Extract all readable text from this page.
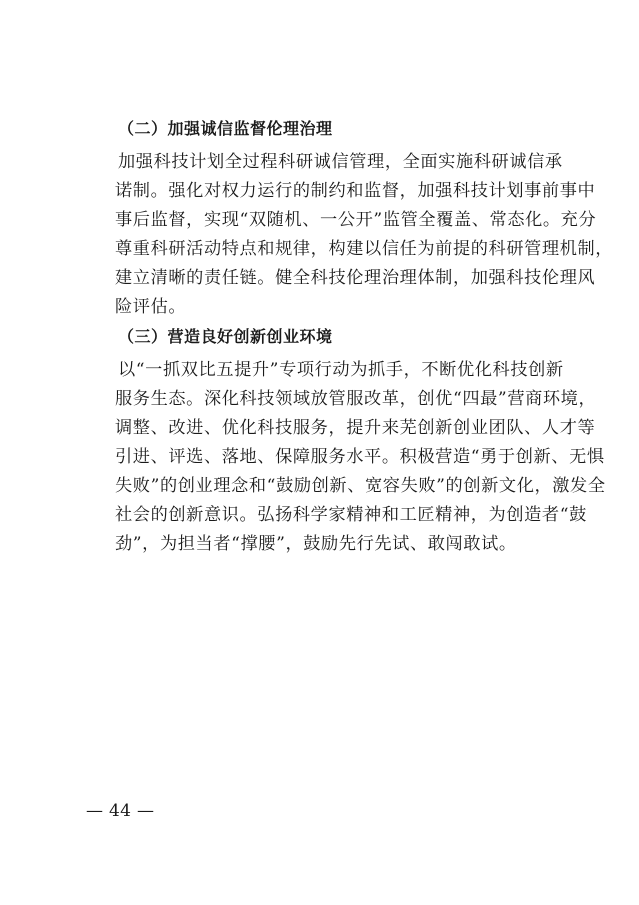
（二）加强诚信监督伦理治理
加强科技计划全过程科研诚信管理，全面实施科研诚信承
诺制。强化对权力运行的制约和监督，加强科技计划事前事中
事后监督，实现“双随机、一公开”监管全覆盖、常态化。充分
尊重科研活动特点和规律，构建以信任为前提的科研管理机制，
建立清晰的责任链。健全科技伦理治理体制，加强科技伦理风
险评估。
（三）营造良好创新创业环境
以“一抓双比五提升”专项行动为抓手，不断优化科技创新
服务生态。深化科技领域放管服改革，创优“四最”营商环境，
调整、改进、优化科技服务，提升来芜创新创业团队、人才等
引进、评选、落地、保障服务水平。积极营造“勇于创新、无惧
失败”的创业理念和“鼓励创新、宽容失败”的创新文化，激发全
社会的创新意识。弘扬科学家精神和工匠精神，为创造者“鼓
劲”，为担当者“撑腰”，鼓励先行先试、敢闯敢试。
— 44 —
